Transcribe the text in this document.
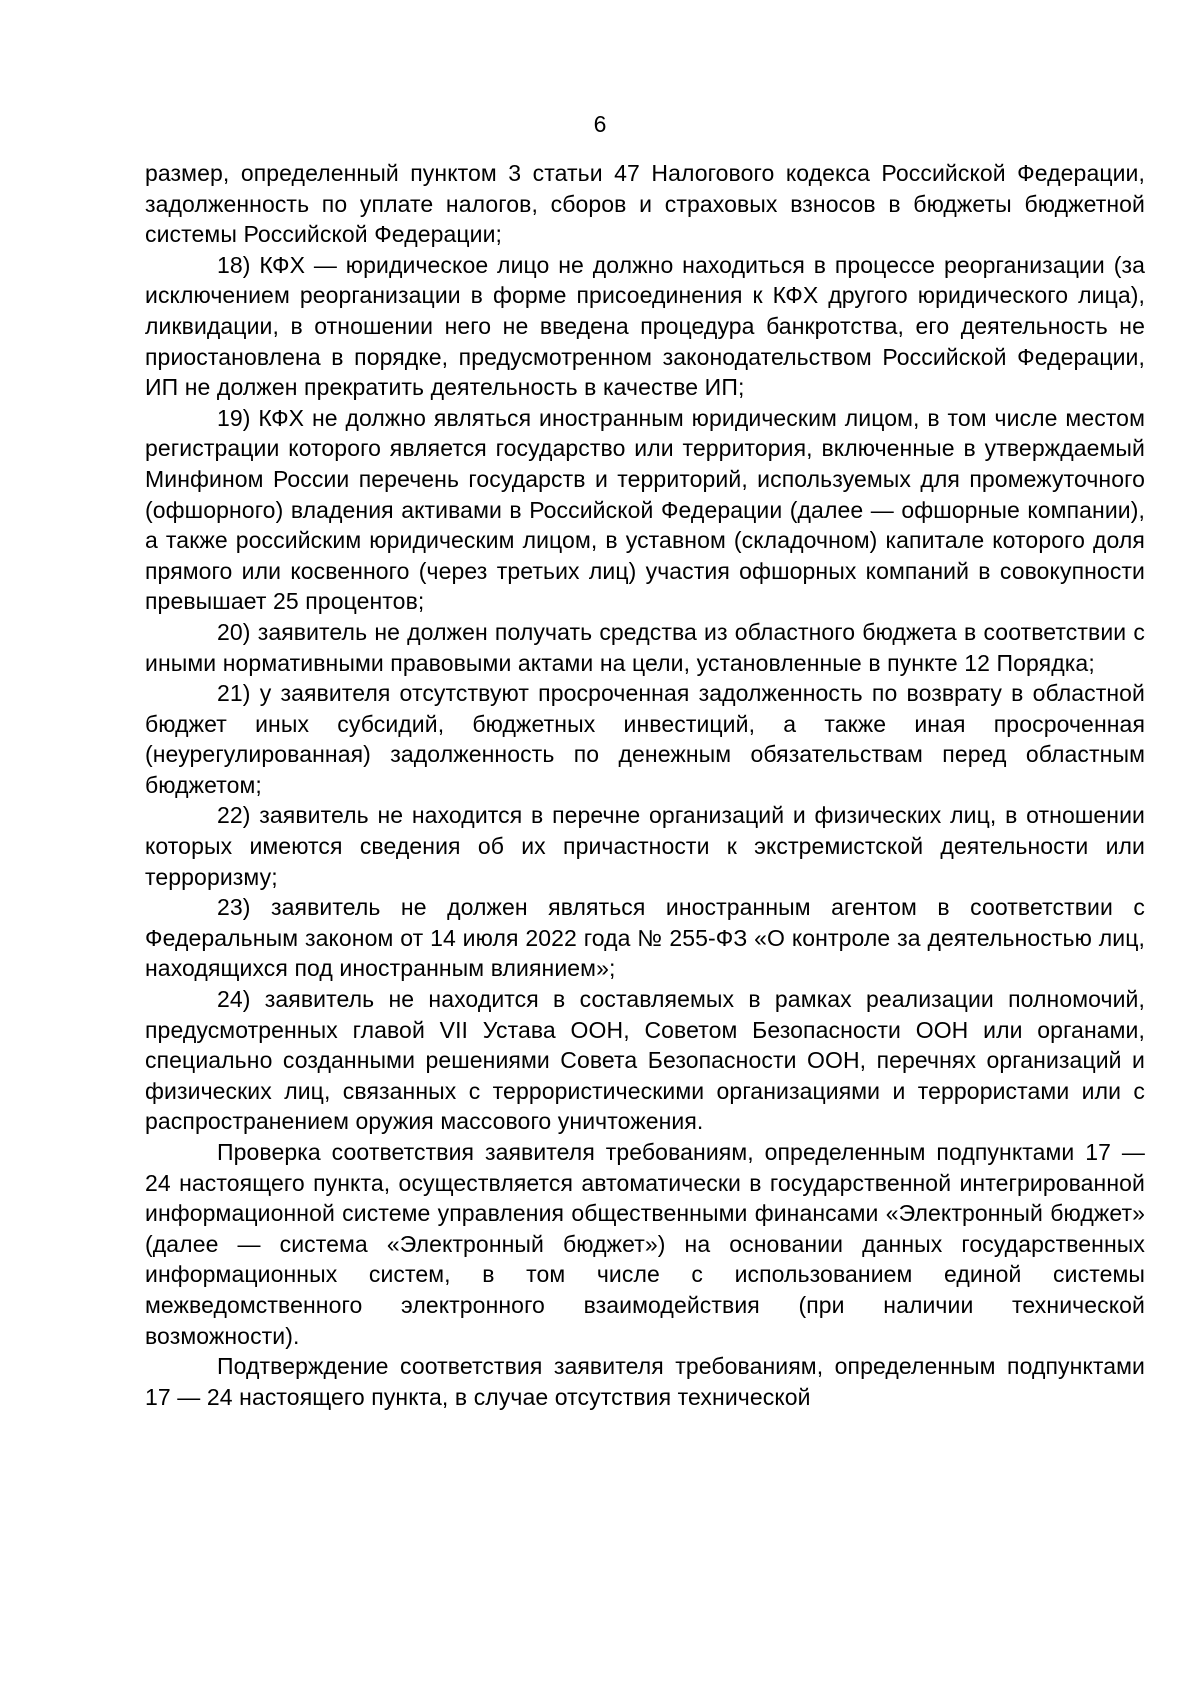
6

размер, определенный пунктом 3 статьи 47 Налогового кодекса Российской Федерации, задолженность по уплате налогов, сборов и страховых взносов в бюджеты бюджетной системы Российской Федерации;

18) КФХ — юридическое лицо не должно находиться в процессе реорганизации (за исключением реорганизации в форме присоединения к КФХ другого юридического лица), ликвидации, в отношении него не введена процедура банкротства, его деятельность не приостановлена в порядке, предусмотренном законодательством Российской Федерации, ИП не должен прекратить деятельность в качестве ИП;

19) КФХ не должно являться иностранным юридическим лицом, в том числе местом регистрации которого является государство или территория, включенные в утверждаемый Минфином России перечень государств и территорий, используемых для промежуточного (офшорного) владения активами в Российской Федерации (далее — офшорные компании), а также российским юридическим лицом, в уставном (складочном) капитале которого доля прямого или косвенного (через третьих лиц) участия офшорных компаний в совокупности превышает 25 процентов;

20) заявитель не должен получать средства из областного бюджета в соответствии с иными нормативными правовыми актами на цели, установленные в пункте 12 Порядка;

21) у заявителя отсутствуют просроченная задолженность по возврату в областной бюджет иных субсидий, бюджетных инвестиций, а также иная просроченная (неурегулированная) задолженность по денежным обязательствам перед областным бюджетом;

22) заявитель не находится в перечне организаций и физических лиц, в отношении которых имеются сведения об их причастности к экстремистской деятельности или терроризму;

23) заявитель не должен являться иностранным агентом в соответствии с Федеральным законом от 14 июля 2022 года № 255-ФЗ «О контроле за деятельностью лиц, находящихся под иностранным влиянием»;

24) заявитель не находится в составляемых в рамках реализации полномочий, предусмотренных главой VII Устава ООН, Советом Безопасности ООН или органами, специально созданными решениями Совета Безопасности ООН, перечнях организаций и физических лиц, связанных с террористическими организациями и террористами или с распространением оружия массового уничтожения.

Проверка соответствия заявителя требованиям, определенным подпунктами 17 — 24 настоящего пункта, осуществляется автоматически в государственной интегрированной информационной системе управления общественными финансами «Электронный бюджет» (далее — система «Электронный бюджет») на основании данных государственных информационных систем, в том числе с использованием единой системы межведомственного электронного взаимодействия (при наличии технической возможности).

Подтверждение соответствия заявителя требованиям, определенным подпунктами 17 — 24 настоящего пункта, в случае отсутствия технической
